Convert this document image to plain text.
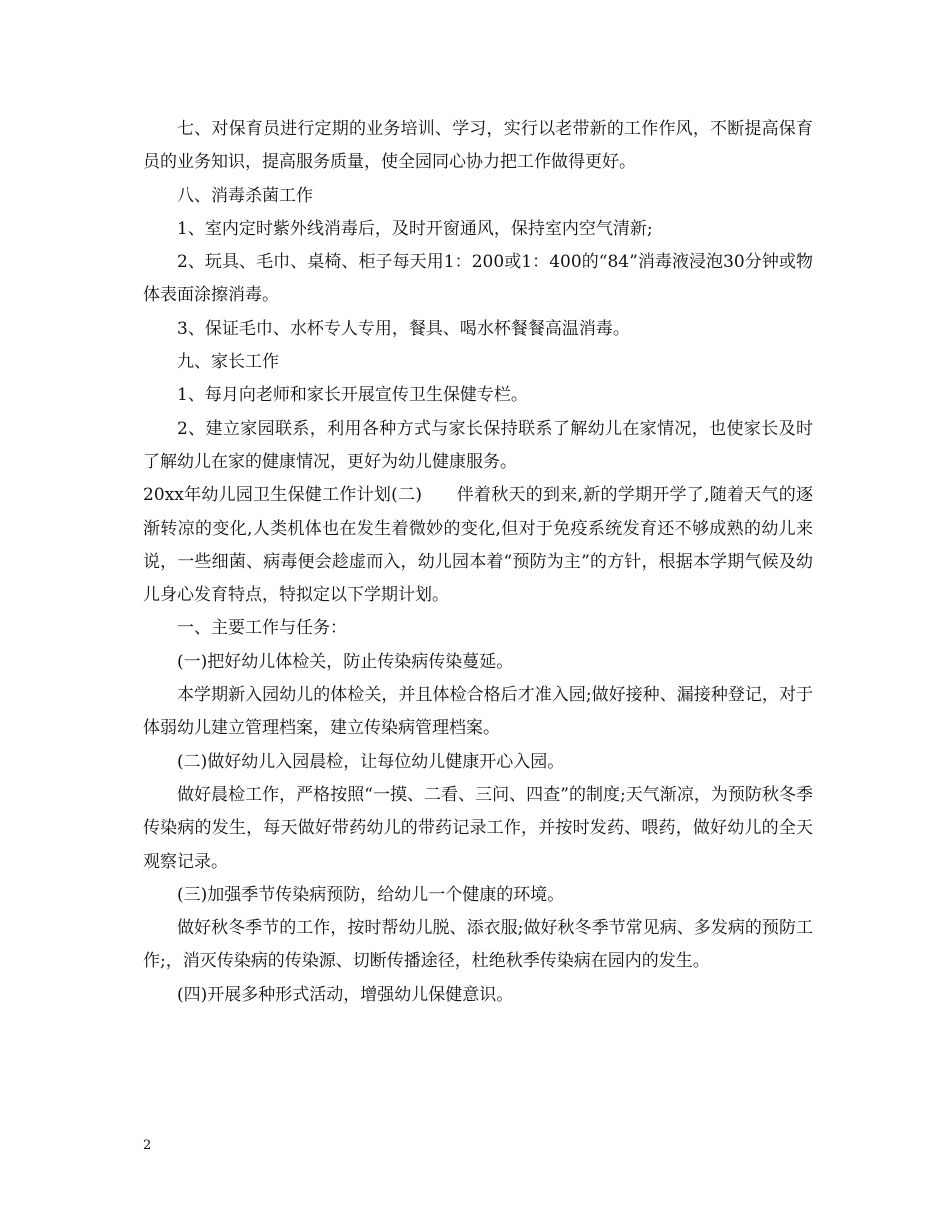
七、对保育员进行定期的业务培训、学习，实行以老带新的工作作风，不断提高保育员的业务知识，提高服务质量，使全园同心协力把工作做得更好。

八、消毒杀菌工作

1、室内定时紫外线消毒后，及时开窗通风，保持室内空气清新;

2、玩具、毛巾、桌椅、柜子每天用1：200或1：400的“84”消毒液浸泡30分钟或物体表面涂擦消毒。

3、保证毛巾、水杯专人专用，餐具、喝水杯餐餐高温消毒。

九、家长工作

1、每月向老师和家长开展宣传卫生保健专栏。

2、建立家园联系，利用各种方式与家长保持联系了解幼儿在家情况，也使家长及时了解幼儿在家的健康情况，更好为幼儿健康服务。

20xx年幼儿园卫生保健工作计划(二)　　伴着秋天的到来,新的学期开学了,随着天气的逐渐转凉的变化,人类机体也在发生着微妙的变化,但对于免疫系统发育还不够成熟的幼儿来说，一些细菌、病毒便会趁虚而入，幼儿园本着“预防为主”的方针，根据本学期气候及幼儿身心发育特点，特拟定以下学期计划。

一、主要工作与任务：

(一)把好幼儿体检关，防止传染病传染蔓延。

本学期新入园幼儿的体检关，并且体检合格后才准入园;做好接种、漏接种登记，对于体弱幼儿建立管理档案，建立传染病管理档案。

(二)做好幼儿入园晨检，让每位幼儿健康开心入园。

做好晨检工作，严格按照“一摸、二看、三问、四查”的制度;天气渐凉，为预防秋冬季传染病的发生，每天做好带药幼儿的带药记录工作，并按时发药、喂药，做好幼儿的全天观察记录。

(三)加强季节传染病预防，给幼儿一个健康的环境。

做好秋冬季节的工作，按时帮幼儿脱、添衣服;做好秋冬季节常见病、多发病的预防工作;，消灭传染病的传染源、切断传播途径，杜绝秋季传染病在园内的发生。

(四)开展多种形式活动，增强幼儿保健意识。

2
